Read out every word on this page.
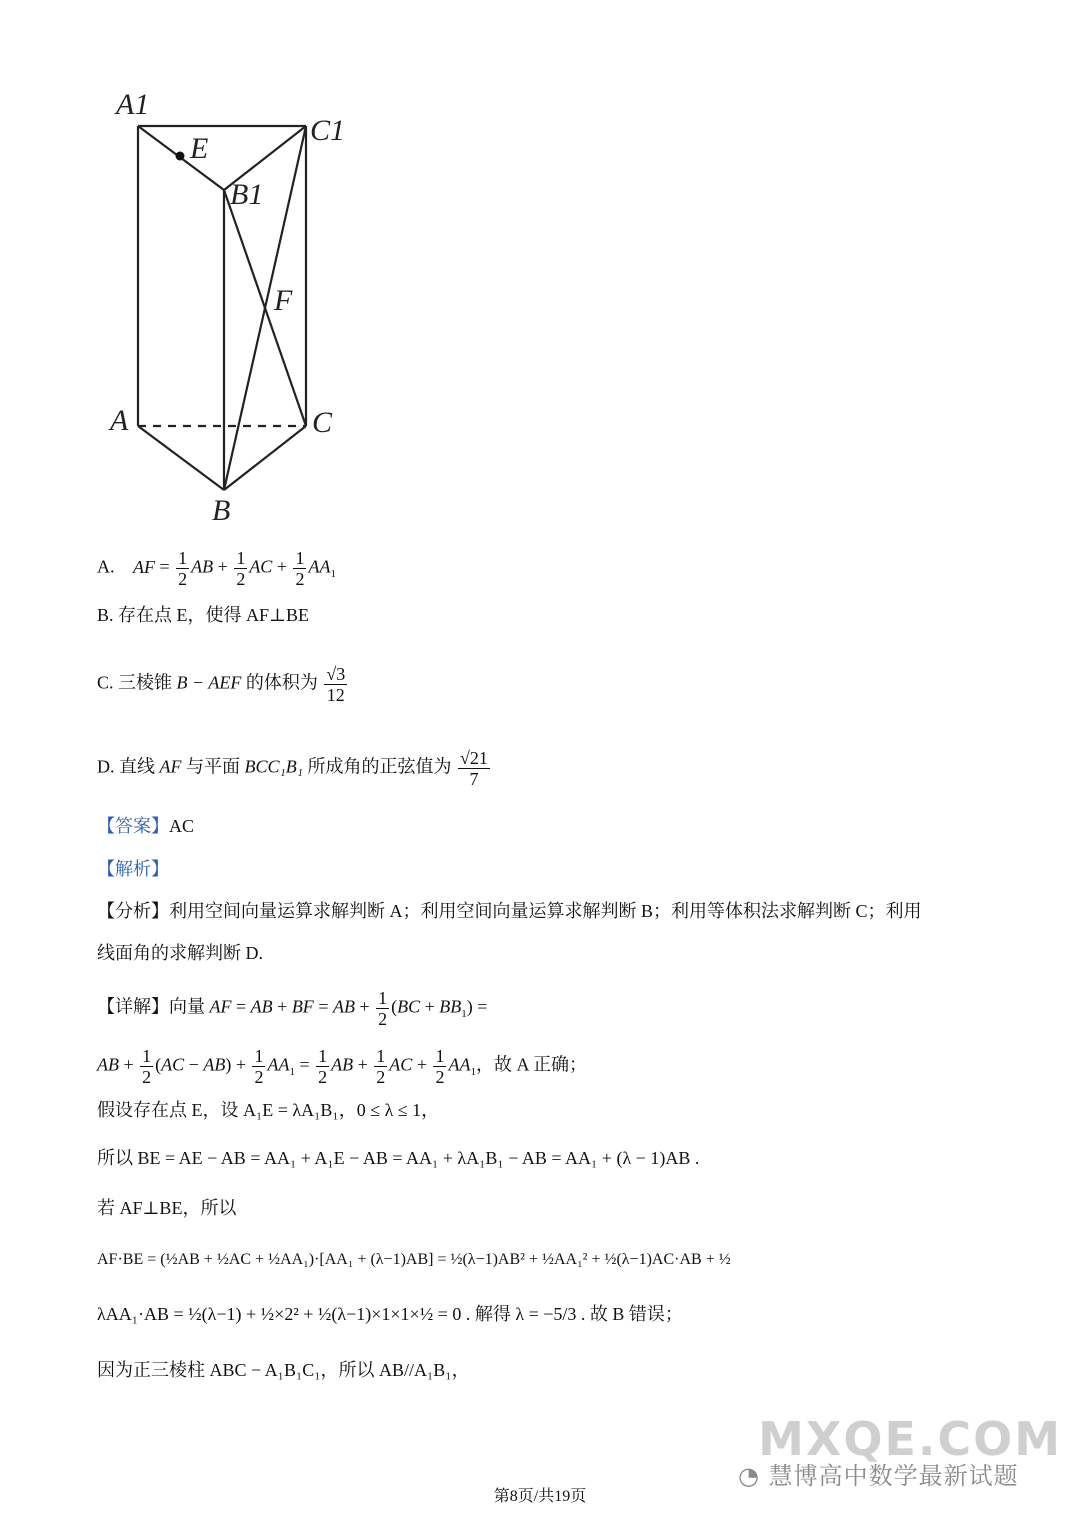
A1
C1
E
B1
F
A	C
B
A. AF = $\frac{1}{2}$ AB + $\frac{1}{2}$ AC + $\frac{1}{2} AA_1$
B. 存在点 E，使得 AF⊥BE
C. 三棱锥 B − AEF 的体积为 $\frac{√3}{12}$
D. 直线 AF 与平面 BCC₁B₁ 所成角的正弦值为 $\frac{√21}{7}$
【答案】AC
【解析】
【分析】利用空间向量运算求解判断 A；利用空间向量运算求解判断 B；利用等体积法求解判断 C；利用
线面角的求解判断 D.
【详解】向量 AF = AB + BF = AB + $\frac{1}{2} (BC + BB_1)$ =
AB + $\frac{1}{2} (AC - AB) + \frac{1}{2} AA_1 = \frac{1}{2}$ AB + $\frac{1}{2}$ AC + $\frac{1}{2} AA_1$，故 A 正确；
假设存在点 E，设 A₁E = λA₁B₁，0 ≤ λ ≤ 1，
所以 BE = AE − AB = AA₁ + A₁E − AB = AA₁ + λA₁B₁ − AB = AA₁ + (λ − 1)AB .
若 AF⊥BE，所以
AF·BE = (½AB + ½AC + ½AA₁)·[AA₁ + (λ−1)AB] = ½(λ−1)AB² + ½AA₁² + ½(λ−1)AC·AB + ½
λAA₁·AB = ½(λ−1) + ½×2² + ½(λ−1)×1×1×½ = 0 . 解得 λ = −5/3 . 故 B 错误；
因为正三棱柱 ABC − A₁B₁C₁，所以 AB//A₁B₁，
MXQE.COM
◔ 慧博高中数学最新试题
第8页/共19页
